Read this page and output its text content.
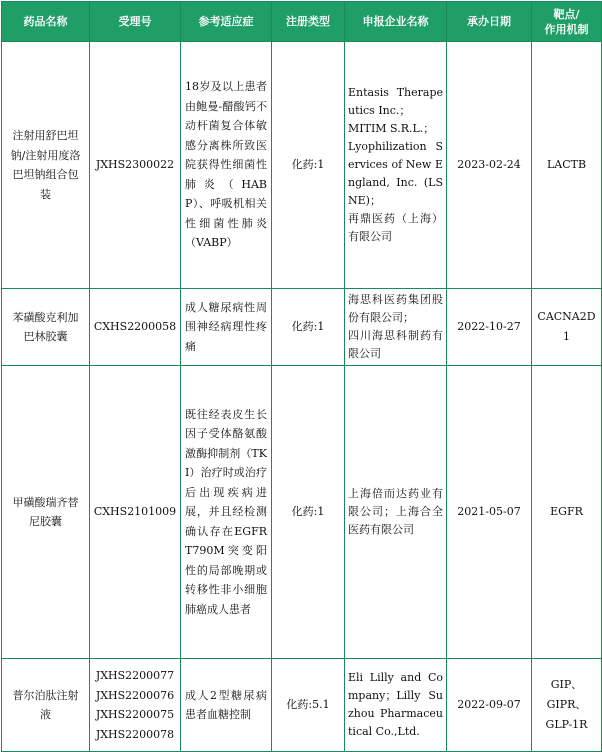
药品名称	受理号	参考适应症	注册类型	申报企业名称	承办日期	靶点/
作用机制

注射用舒巴坦钠/注射用度洛巴坦钠组合包装	JXHS2300022	18岁及以上患者由鲍曼-醋酸钙不动杆菌复合体敏感分离株所致医院获得性细菌性肺炎（HABP）、呼吸机相关性细菌性肺炎（VABP）	化药:1	Entasis Therapeutics Inc.；
MITIM S.R.L.；
Lyophilization Services of New England, Inc. (LSNE)；
再鼎医药（上海）有限公司	2023-02-24	LACTB

苯磺酸克利加巴林胶囊	CXHS2200058	成人糖尿病性周围神经病理性疼痛	化药:1	海思科医药集团股份有限公司；
四川海思科制药有限公司	2022-10-27	CACNA2D
1

甲磺酸瑞齐替尼胶囊	CXHS2101009	既往经表皮生长因子受体酪氨酸激酶抑制剂（TKI）治疗时或治疗后出现疾病进展，并且经检测确认存在EGFR T790M突变阳性的局部晚期或转移性非小细胞肺癌成人患者	化药:1	上海倍而达药业有限公司；上海合全医药有限公司	2021-05-07	EGFR

普尔泊肽注射液	JXHS2200077
JXHS2200076
JXHS2200075
JXHS2200078	成人2型糖尿病患者血糖控制	化药:5.1	Eli Lilly and Company；Lilly Suzhou Pharmaceutical Co.,Ltd.	2022-09-07	GIP、
GIPR、
GLP-1R
